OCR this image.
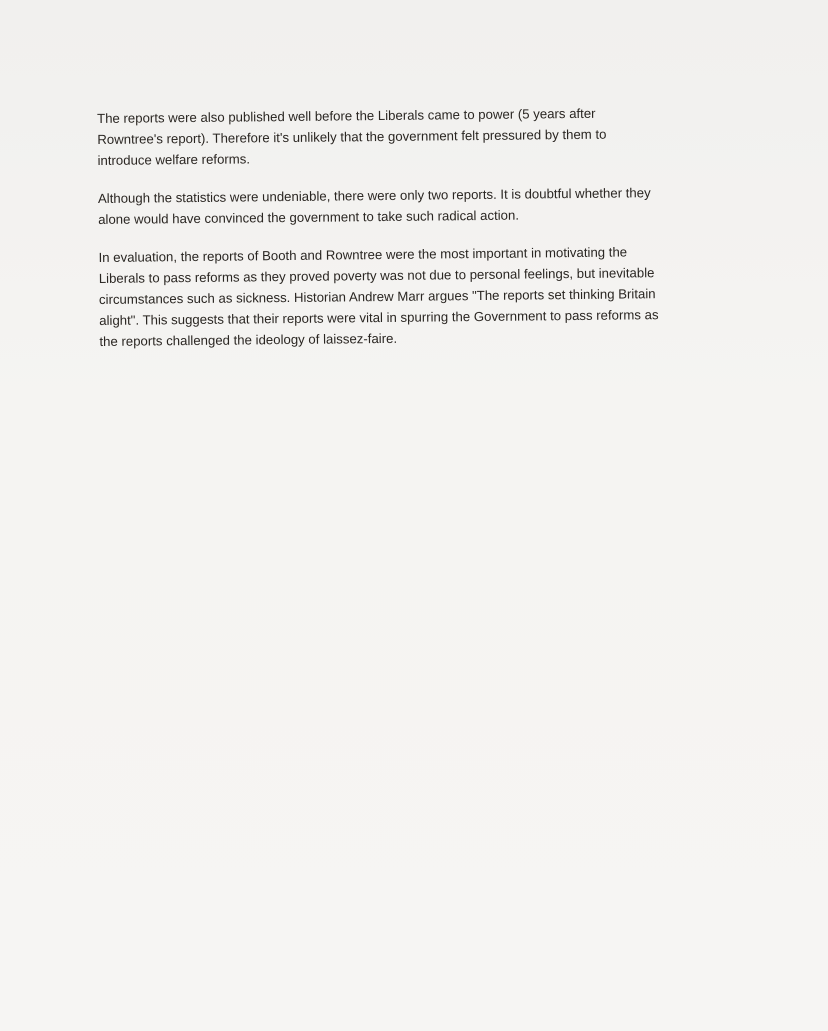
The reports were also published well before the Liberals came to power (5 years after
Rowntree's report). Therefore it's unlikely that the government felt pressured by them to
introduce welfare reforms.

Although the statistics were undeniable, there were only two reports. It is doubtful whether they
alone would have convinced the government to take such radical action.

In evaluation, the reports of Booth and Rowntree were the most important in motivating the
Liberals to pass reforms as they proved poverty was not due to personal feelings, but inevitable
circumstances such as sickness. Historian Andrew Marr argues "The reports set thinking Britain
alight". This suggests that their reports were vital in spurring the Government to pass reforms as
the reports challenged the ideology of laissez-faire.
